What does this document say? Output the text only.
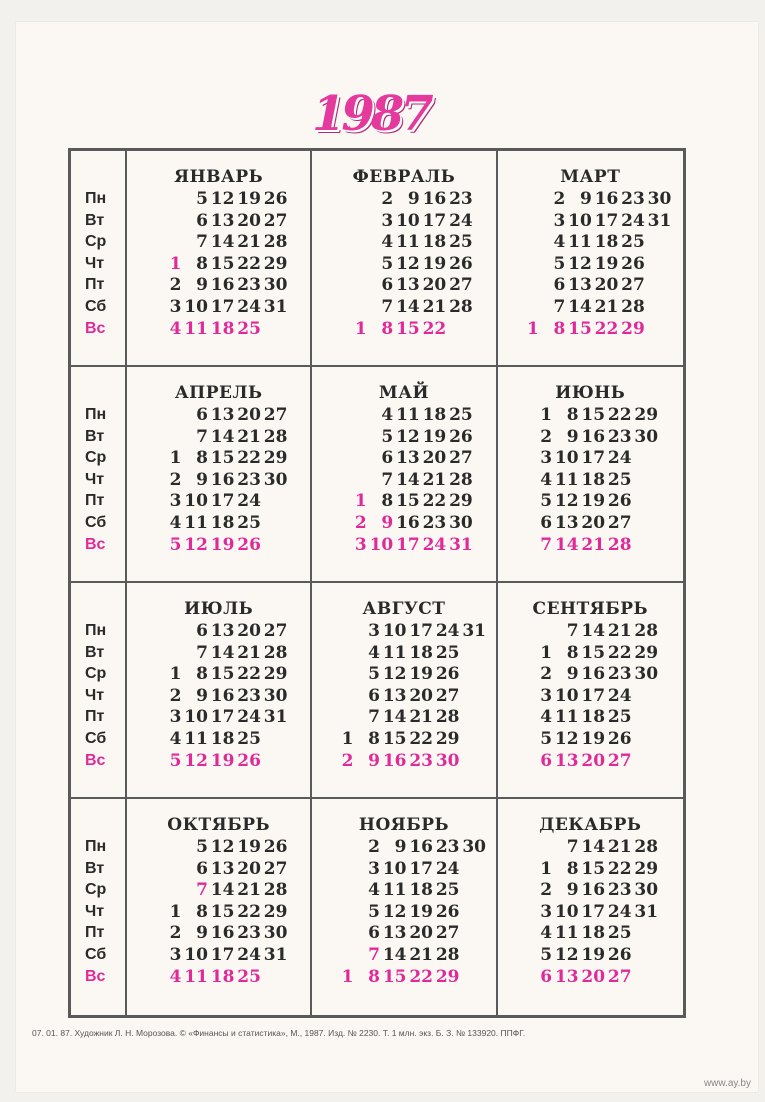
1987
Пн
Вт
Ср
Чт
Пт
Сб
Вс
ЯНВАРЬ
1
2
3
4
5
6
7
8
9
10
11
12
13
14
15
16
17
18
19
20
21
22
23
24
25
26
27
28
29
30
31
ФЕВРАЛЬ
1
2
3
4
5
6
7
8
9
10
11
12
13
14
15
16
17
18
19
20
21
22
23
24
25
26
27
28
МАРТ
1
2
3
4
5
6
7
8
9
10
11
12
13
14
15
16
17
18
19
20
21
22
23
24
25
26
27
28
29
30
31
Пн
Вт
Ср
Чт
Пт
Сб
Вс
АПРЕЛЬ
1
2
3
4
5
6
7
8
9
10
11
12
13
14
15
16
17
18
19
20
21
22
23
24
25
26
27
28
29
30
МАЙ
1
2
3
4
5
6
7
8
9
10
11
12
13
14
15
16
17
18
19
20
21
22
23
24
25
26
27
28
29
30
31
ИЮНЬ
1
2
3
4
5
6
7
8
9
10
11
12
13
14
15
16
17
18
19
20
21
22
23
24
25
26
27
28
29
30
Пн
Вт
Ср
Чт
Пт
Сб
Вс
ИЮЛЬ
1
2
3
4
5
6
7
8
9
10
11
12
13
14
15
16
17
18
19
20
21
22
23
24
25
26
27
28
29
30
31
АВГУСТ
1
2
3
4
5
6
7
8
9
10
11
12
13
14
15
16
17
18
19
20
21
22
23
24
25
26
27
28
29
30
31
СЕНТЯБРЬ
1
2
3
4
5
6
7
8
9
10
11
12
13
14
15
16
17
18
19
20
21
22
23
24
25
26
27
28
29
30
Пн
Вт
Ср
Чт
Пт
Сб
Вс
ОКТЯБРЬ
1
2
3
4
5
6
7
8
9
10
11
12
13
14
15
16
17
18
19
20
21
22
23
24
25
26
27
28
29
30
31
НОЯБРЬ
1
2
3
4
5
6
7
8
9
10
11
12
13
14
15
16
17
18
19
20
21
22
23
24
25
26
27
28
29
30
ДЕКАБРЬ
1
2
3
4
5
6
7
8
9
10
11
12
13
14
15
16
17
18
19
20
21
22
23
24
25
26
27
28
29
30
31
07. 01. 87. Художник Л. Н. Морозова. © «Финансы и статистика», М., 1987. Изд. № 2230. Т. 1 млн. экз. Б. З. № 133920. ППФГ.
www.ay.by
